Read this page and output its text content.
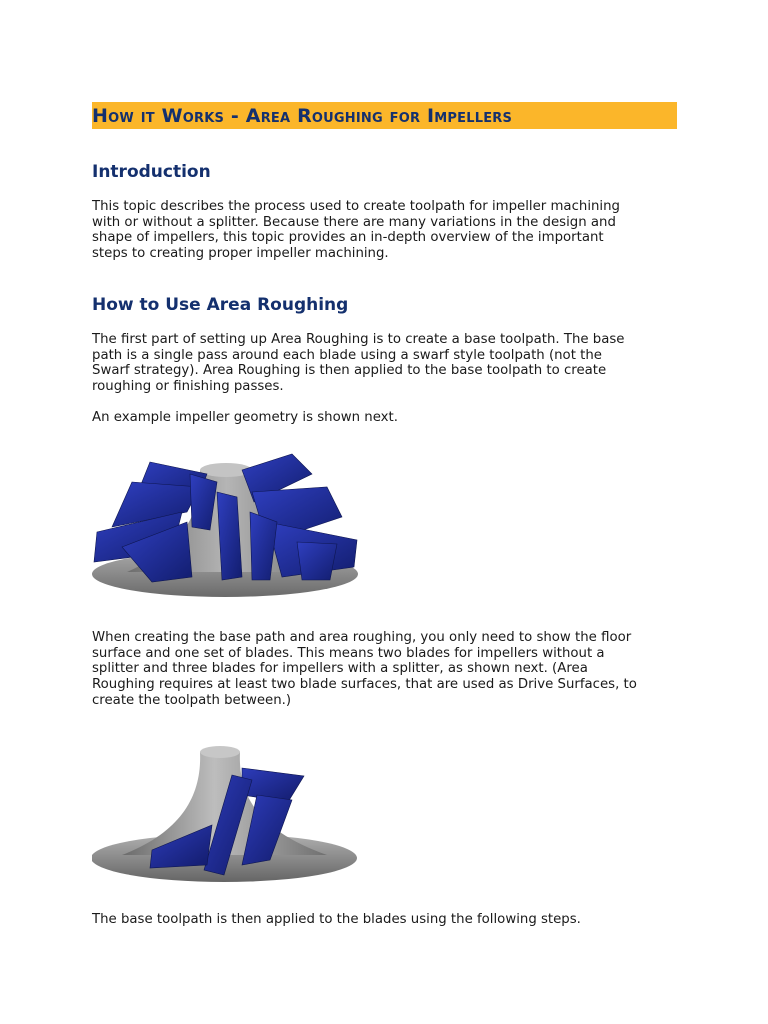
How it Works - Area Roughing for Impellers
Introduction

This topic describes the process used to create toolpath for impeller machining
with or without a splitter. Because there are many variations in the design and
shape of impellers, this topic provides an in-depth overview of the important
steps to creating proper impeller machining.

How to Use Area Roughing

The first part of setting up Area Roughing is to create a base toolpath. The base
path is a single pass around each blade using a swarf style toolpath (not the
Swarf strategy). Area Roughing is then applied to the base toolpath to create
roughing or finishing passes.

An example impeller geometry is shown next.

When creating the base path and area roughing, you only need to show the floor
surface and one set of blades. This means two blades for impellers without a
splitter and three blades for impellers with a splitter, as shown next. (Area
Roughing requires at least two blade surfaces, that are used as Drive Surfaces, to
create the toolpath between.)

The base toolpath is then applied to the blades using the following steps.
